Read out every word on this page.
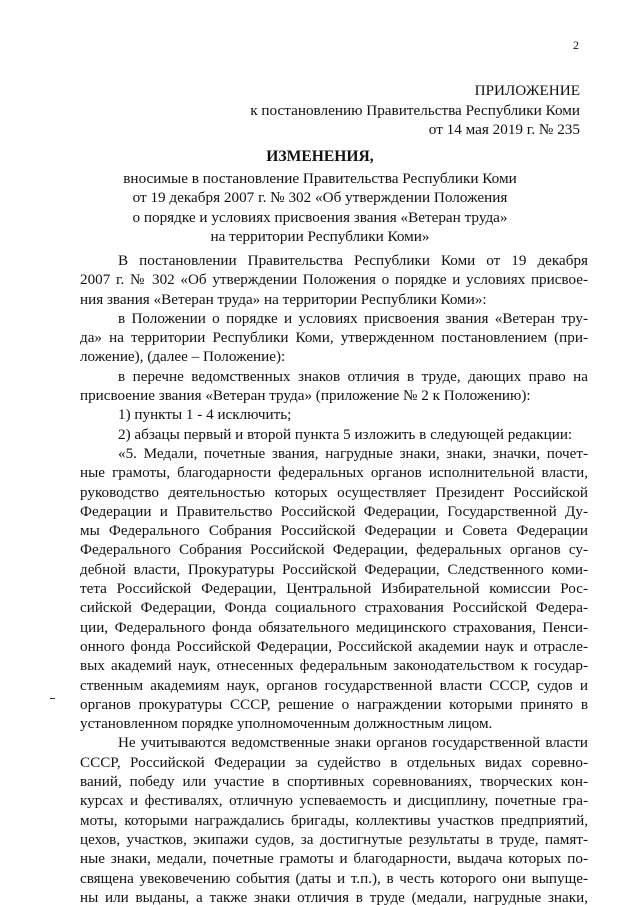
2
ПРИЛОЖЕНИЕ
к постановлению Правительства Республики Коми
от 14 мая 2019 г. № 235
ИЗМЕНЕНИЯ,
вносимые в постановление Правительства Республики Коми
от 19 декабря 2007 г. № 302 «Об утверждении Положения
о порядке и условиях присвоения звания «Ветеран труда»
на территории Республики Коми»
В постановлении Правительства Республики Коми от 19 декабря
2007 г. № 302 «Об утверждении Положения о порядке и условиях присвое-
ния звания «Ветеран труда» на территории Республики Коми»:
в Положении о порядке и условиях присвоения звания «Ветеран тру-
да» на территории Республики Коми, утвержденном постановлением (при-
ложение), (далее – Положение):
в перечне ведомственных знаков отличия в труде, дающих право на
присвоение звания «Ветеран труда» (приложение № 2 к Положению):
1) пункты 1 - 4 исключить;
2) абзацы первый и второй пункта 5 изложить в следующей редакции:
«5. Медали, почетные звания, нагрудные знаки, знаки, значки, почет-
ные грамоты, благодарности федеральных органов исполнительной власти,
руководство деятельностью которых осуществляет Президент Российской
Федерации и Правительство Российской Федерации, Государственной Ду-
мы Федерального Собрания Российской Федерации и Совета Федерации
Федерального Собрания Российской Федерации, федеральных органов су-
дебной власти, Прокуратуры Российской Федерации, Следственного коми-
тета Российской Федерации, Центральной Избирательной комиссии Рос-
сийской Федерации, Фонда социального страхования Российской Федера-
ции, Федерального фонда обязательного медицинского страхования, Пенси-
онного фонда Российской Федерации, Российской академии наук и отрасле-
вых академий наук, отнесенных федеральным законодательством к государ-
ственным академиям наук, органов государственной власти СССР, судов и
органов прокуратуры СССР, решение о награждении которыми принято в
установленном порядке уполномоченным должностным лицом.
Не учитываются ведомственные знаки органов государственной власти
СССР, Российской Федерации за судейство в отдельных видах соревно-
ваний, победу или участие в спортивных соревнованиях, творческих кон-
курсах и фестивалях, отличную успеваемость и дисциплину, почетные гра-
моты, которыми награждались бригады, коллективы участков предприятий,
цехов, участков, экипажи судов, за достигнутые результаты в труде, памят-
ные знаки, медали, почетные грамоты и благодарности, выдача которых по-
священа увековечению события (даты и т.п.), в честь которого они выпуще-
ны или выданы, а также знаки отличия в труде (медали, нагрудные знаки,
